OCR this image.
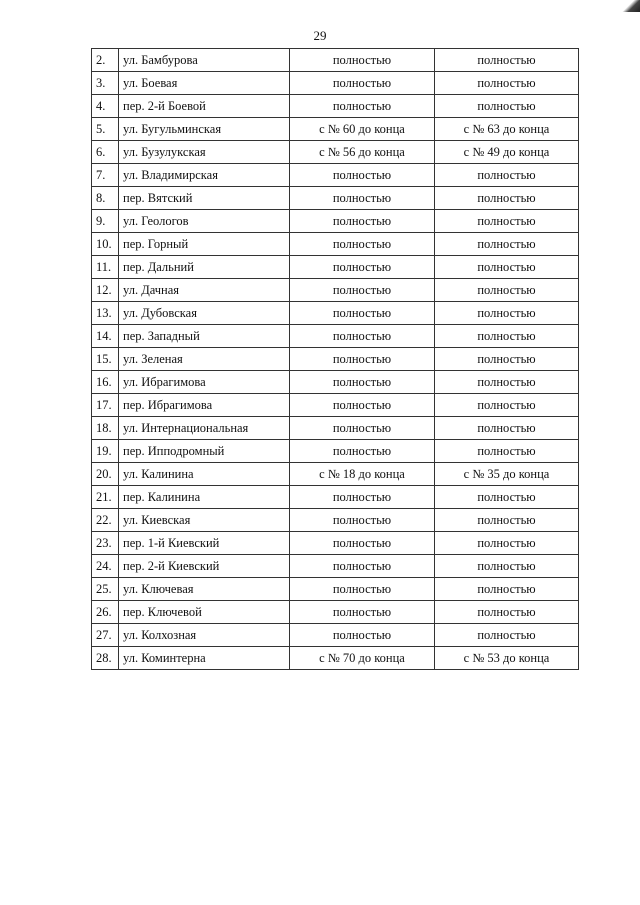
29
2.	ул. Бамбурова	полностью	полностью
3.	ул. Боевая	полностью	полностью
4.	пер. 2-й Боевой	полностью	полностью
5.	ул. Бугульминская	с № 60 до конца	с № 63 до конца
6.	ул. Бузулукская	с № 56 до конца	с № 49 до конца
7.	ул. Владимирская	полностью	полностью
8.	пер. Вятский	полностью	полностью
9.	ул. Геологов	полностью	полностью
10.	пер. Горный	полностью	полностью
11.	пер. Дальний	полностью	полностью
12.	ул. Дачная	полностью	полностью
13.	ул. Дубовская	полностью	полностью
14.	пер. Западный	полностью	полностью
15.	ул. Зеленая	полностью	полностью
16.	ул. Ибрагимова	полностью	полностью
17.	пер. Ибрагимова	полностью	полностью
18.	ул. Интернациональная	полностью	полностью
19.	пер. Ипподромный	полностью	полностью
20.	ул. Калинина	с № 18 до конца	с № 35 до конца
21.	пер. Калинина	полностью	полностью
22.	ул. Киевская	полностью	полностью
23.	пер. 1-й Киевский	полностью	полностью
24.	пер. 2-й Киевский	полностью	полностью
25.	ул. Ключевая	полностью	полностью
26.	пер. Ключевой	полностью	полностью
27.	ул. Колхозная	полностью	полностью
28.	ул. Коминтерна	с № 70 до конца	с № 53 до конца
